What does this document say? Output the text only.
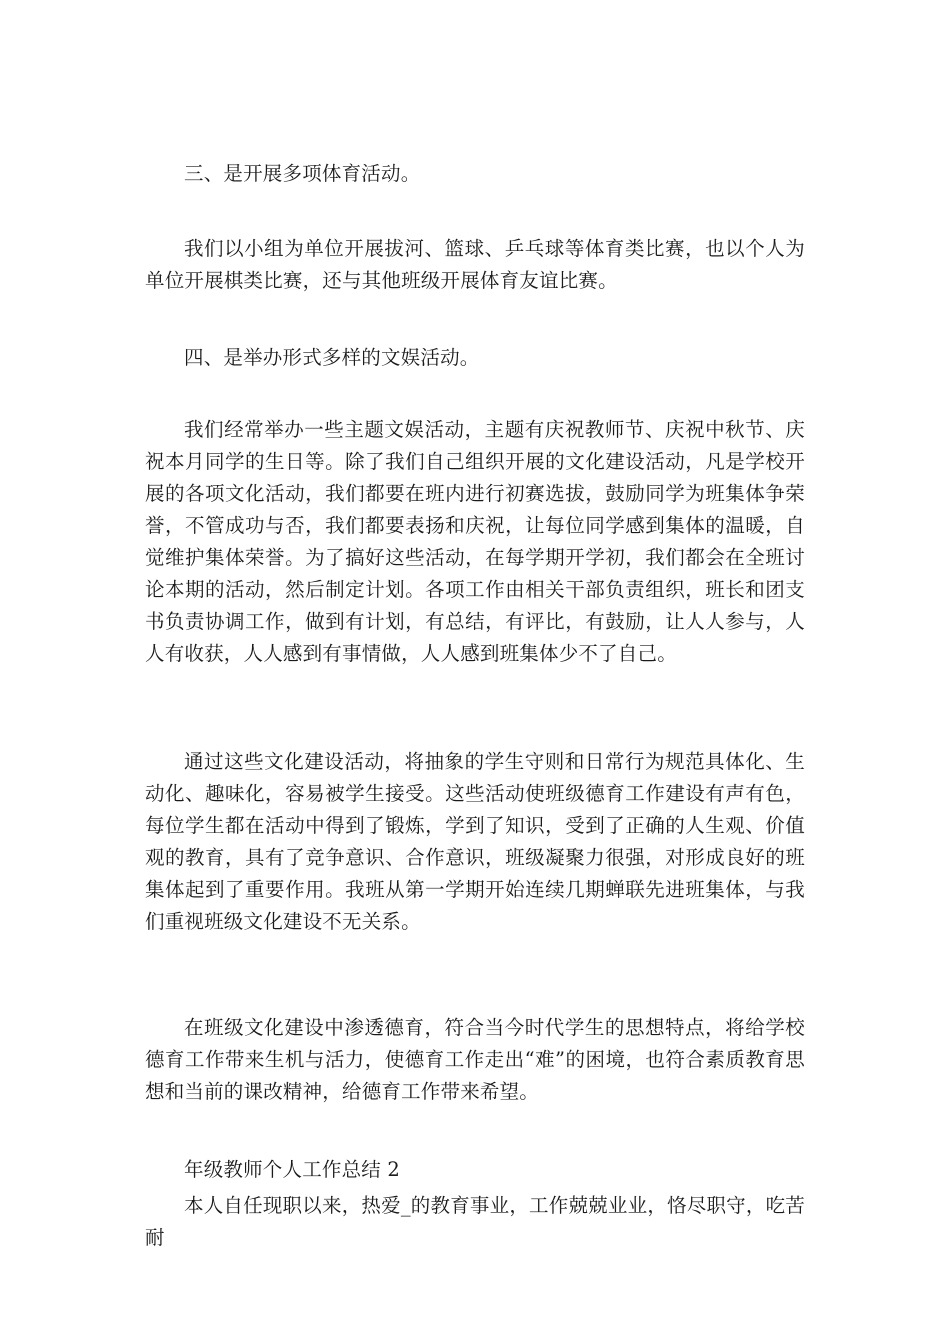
三、是开展多项体育活动。

我们以小组为单位开展拔河、篮球、乒乓球等体育类比赛，也以个人为单位开展棋类比赛，还与其他班级开展体育友谊比赛。

四、是举办形式多样的文娱活动。

我们经常举办一些主题文娱活动，主题有庆祝教师节、庆祝中秋节、庆祝本月同学的生日等。除了我们自己组织开展的文化建设活动，凡是学校开展的各项文化活动，我们都要在班内进行初赛选拔，鼓励同学为班集体争荣誉，不管成功与否，我们都要表扬和庆祝，让每位同学感到集体的温暖，自觉维护集体荣誉。为了搞好这些活动，在每学期开学初，我们都会在全班讨论本期的活动，然后制定计划。各项工作由相关干部负责组织，班长和团支书负责协调工作，做到有计划，有总结，有评比，有鼓励，让人人参与，人人有收获，人人感到有事情做，人人感到班集体少不了自己。

通过这些文化建设活动，将抽象的学生守则和日常行为规范具体化、生动化、趣味化，容易被学生接受。这些活动使班级德育工作建设有声有色，每位学生都在活动中得到了锻炼，学到了知识，受到了正确的人生观、价值观的教育，具有了竞争意识、合作意识，班级凝聚力很强，对形成良好的班集体起到了重要作用。我班从第一学期开始连续几期蝉联先进班集体，与我们重视班级文化建设不无关系。

在班级文化建设中渗透德育，符合当今时代学生的思想特点，将给学校德育工作带来生机与活力，使德育工作走出“难”的困境，也符合素质教育思想和当前的课改精神，给德育工作带来希望。

年级教师个人工作总结 2

本人自任现职以来，热爱_的教育事业，工作兢兢业业，恪尽职守，吃苦耐
